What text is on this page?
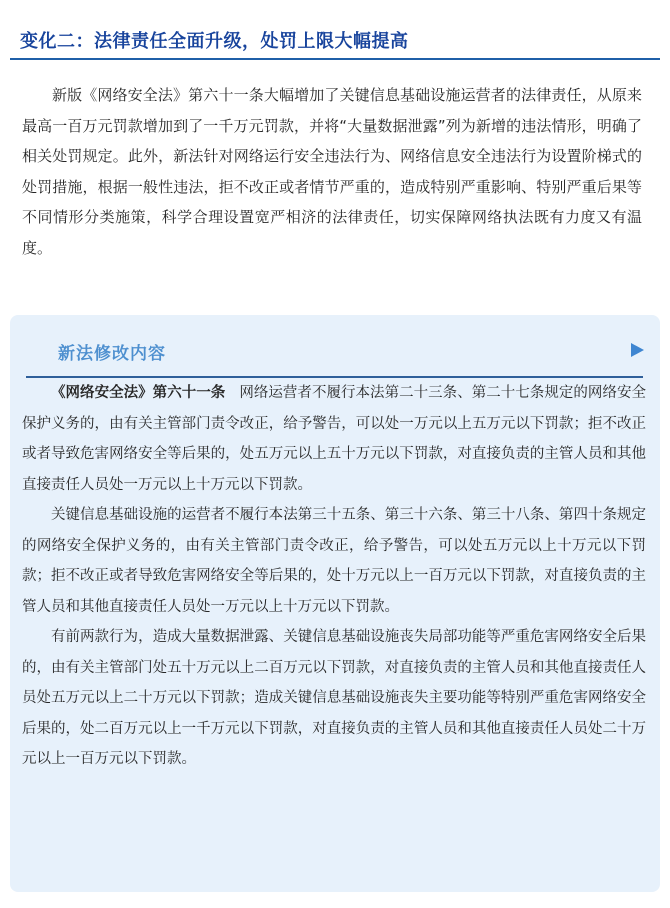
变化二：法律责任全面升级，处罚上限大幅提高

新版《网络安全法》第六十一条大幅增加了关键信息基础设施运营者的法律责任，从原来最高一百万元罚款增加到了一千万元罚款，并将“大量数据泄露”列为新增的违法情形，明确了相关处罚规定。此外，新法针对网络运行安全违法行为、网络信息安全违法行为设置阶梯式的处罚措施，根据一般性违法，拒不改正或者情节严重的，造成特别严重影响、特别严重后果等不同情形分类施策，科学合理设置宽严相济的法律责任，切实保障网络执法既有力度又有温度。

新法修改内容

《网络安全法》第六十一条 网络运营者不履行本法第二十三条、第二十七条规定的网络安全保护义务的，由有关主管部门责令改正，给予警告，可以处一万元以上五万元以下罚款；拒不改正或者导致危害网络安全等后果的，处五万元以上五十万元以下罚款，对直接负责的主管人员和其他直接责任人员处一万元以上十万元以下罚款。

关键信息基础设施的运营者不履行本法第三十五条、第三十六条、第三十八条、第四十条规定的网络安全保护义务的，由有关主管部门责令改正，给予警告，可以处五万元以上十万元以下罚款；拒不改正或者导致危害网络安全等后果的，处十万元以上一百万元以下罚款，对直接负责的主管人员和其他直接责任人员处一万元以上十万元以下罚款。

有前两款行为，造成大量数据泄露、关键信息基础设施丧失局部功能等严重危害网络安全后果的，由有关主管部门处五十万元以上二百万元以下罚款，对直接负责的主管人员和其他直接责任人员处五万元以上二十万元以下罚款；造成关键信息基础设施丧失主要功能等特别严重危害网络安全后果的，处二百万元以上一千万元以下罚款，对直接负责的主管人员和其他直接责任人员处二十万元以上一百万元以下罚款。
